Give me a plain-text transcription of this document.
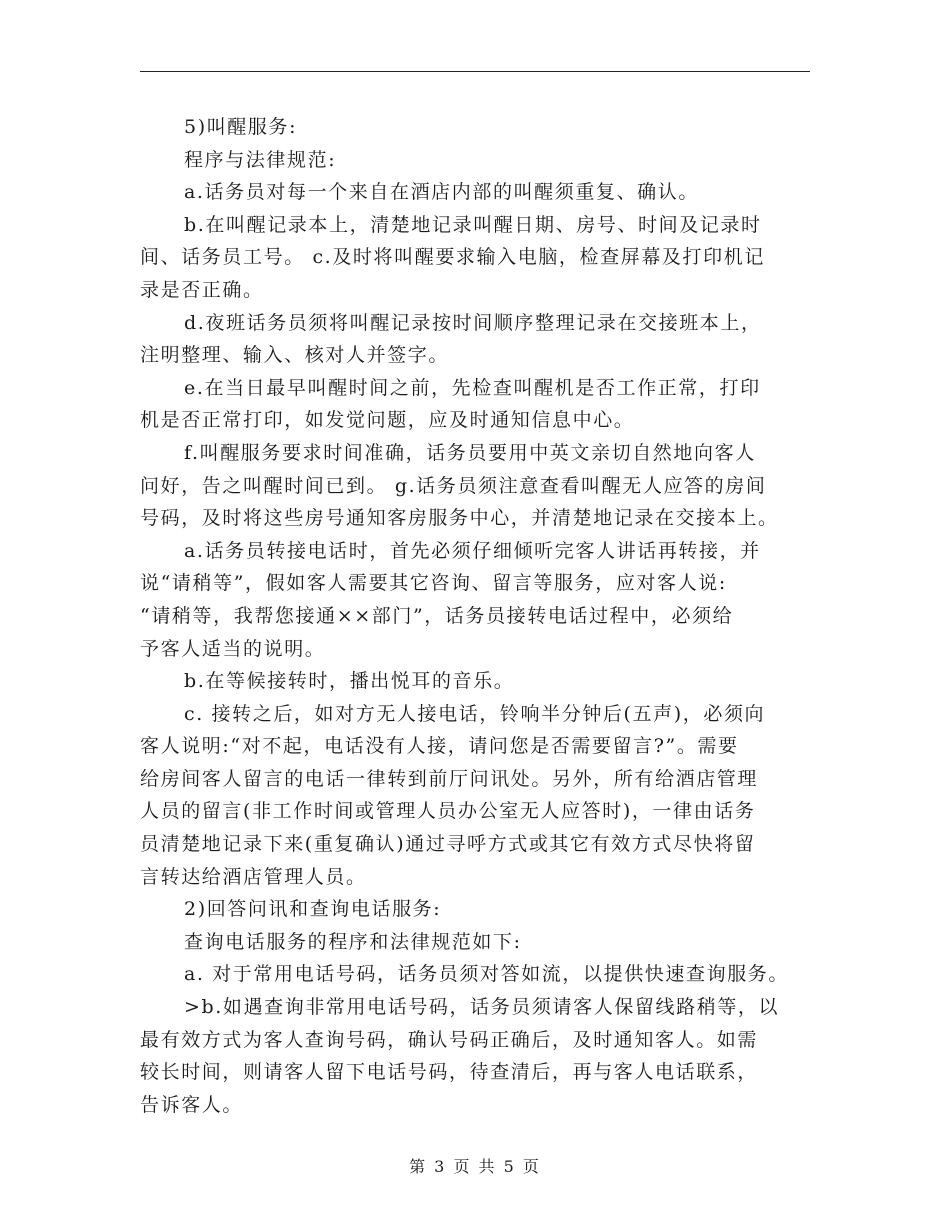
5)叫醒服务:
程序与法律规范:
a.话务员对每一个来自在酒店内部的叫醒须重复、确认。
b.在叫醒记录本上，清楚地记录叫醒日期、房号、时间及记录时
间、话务员工号。 c.及时将叫醒要求输入电脑，检查屏幕及打印机记
录是否正确。
d.夜班话务员须将叫醒记录按时间顺序整理记录在交接班本上，
注明整理、输入、核对人并签字。
e.在当日最早叫醒时间之前，先检查叫醒机是否工作正常，打印
机是否正常打印，如发觉问题，应及时通知信息中心。
f.叫醒服务要求时间准确，话务员要用中英文亲切自然地向客人
问好，告之叫醒时间已到。 g.话务员须注意查看叫醒无人应答的房间
号码，及时将这些房号通知客房服务中心，并清楚地记录在交接本上。
a.话务员转接电话时，首先必须仔细倾听完客人讲话再转接，并
说“请稍等”，假如客人需要其它咨询、留言等服务，应对客人说:
“请稍等，我帮您接通××部门”，话务员接转电话过程中，必须给
予客人适当的说明。
b.在等候接转时，播出悦耳的音乐。
c. 接转之后，如对方无人接电话，铃响半分钟后(五声)，必须向
客人说明:“对不起，电话没有人接，请问您是否需要留言?”。需要
给房间客人留言的电话一律转到前厅问讯处。另外，所有给酒店管理
人员的留言(非工作时间或管理人员办公室无人应答时)，一律由话务
员清楚地记录下来(重复确认)通过寻呼方式或其它有效方式尽快将留
言转达给酒店管理人员。
2)回答问讯和查询电话服务:
查询电话服务的程序和法律规范如下:
a. 对于常用电话号码，话务员须对答如流，以提供快速查询服务。
>b.如遇查询非常用电话号码，话务员须请客人保留线路稍等，以
最有效方式为客人查询号码，确认号码正确后，及时通知客人。如需
较长时间，则请客人留下电话号码，待查清后，再与客人电话联系，
告诉客人。
第 3 页 共 5 页
